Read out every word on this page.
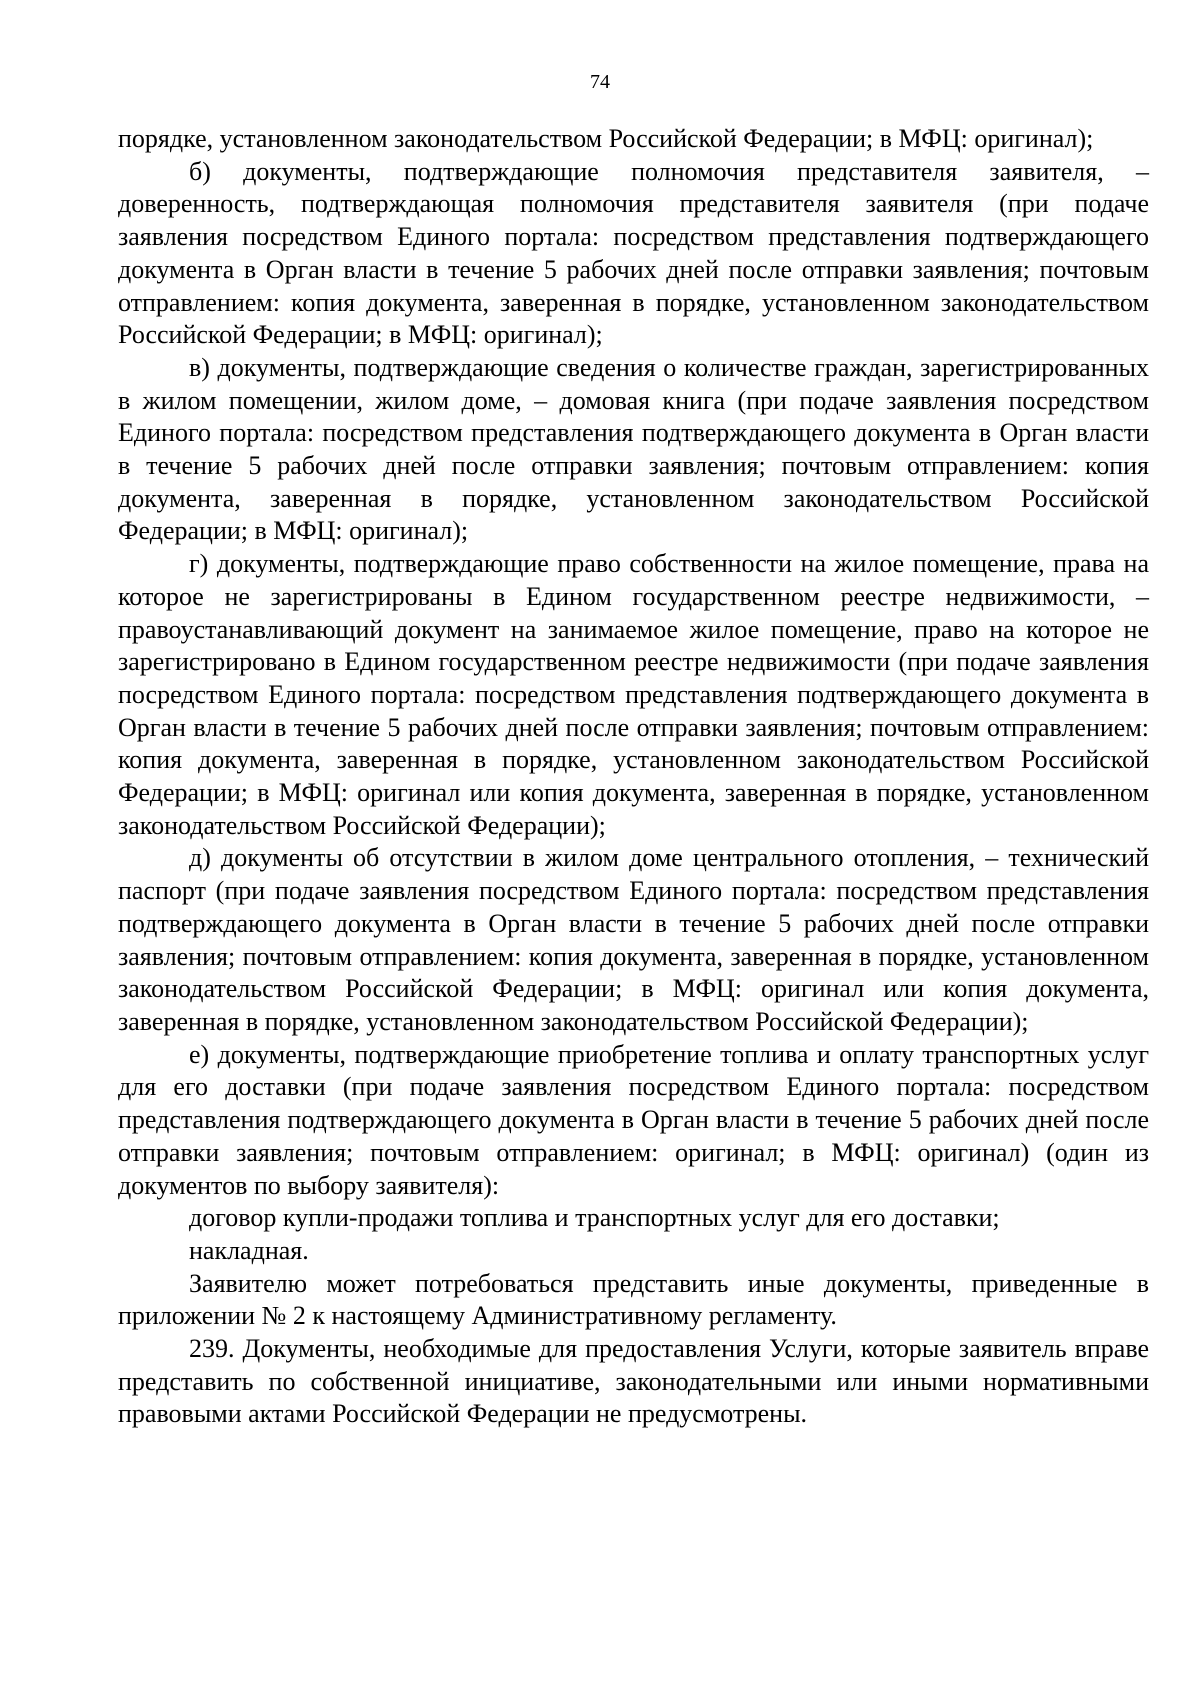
74

порядке, установленном законодательством Российской Федерации; в МФЦ: оригинал);

б) документы, подтверждающие полномочия представителя заявителя, – доверенность, подтверждающая полномочия представителя заявителя (при подаче заявления посредством Единого портала: посредством представления подтверждающего документа в Орган власти в течение 5 рабочих дней после отправки заявления; почтовым отправлением: копия документа, заверенная в порядке, установленном законодательством Российской Федерации; в МФЦ: оригинал);

в) документы, подтверждающие сведения о количестве граждан, зарегистрированных в жилом помещении, жилом доме, – домовая книга (при подаче заявления посредством Единого портала: посредством представления подтверждающего документа в Орган власти в течение 5 рабочих дней после отправки заявления; почтовым отправлением: копия документа, заверенная в порядке, установленном законодательством Российской Федерации; в МФЦ: оригинал);

г) документы, подтверждающие право собственности на жилое помещение, права на которое не зарегистрированы в Едином государственном реестре недвижимости, – правоустанавливающий документ на занимаемое жилое помещение, право на которое не зарегистрировано в Едином государственном реестре недвижимости (при подаче заявления посредством Единого портала: посредством представления подтверждающего документа в Орган власти в течение 5 рабочих дней после отправки заявления; почтовым отправлением: копия документа, заверенная в порядке, установленном законодательством Российской Федерации; в МФЦ: оригинал или копия документа, заверенная в порядке, установленном законодательством Российской Федерации);

д) документы об отсутствии в жилом доме центрального отопления, – технический паспорт (при подаче заявления посредством Единого портала: посредством представления подтверждающего документа в Орган власти в течение 5 рабочих дней после отправки заявления; почтовым отправлением: копия документа, заверенная в порядке, установленном законодательством Российской Федерации; в МФЦ: оригинал или копия документа, заверенная в порядке, установленном законодательством Российской Федерации);

е) документы, подтверждающие приобретение топлива и оплату транспортных услуг для его доставки (при подаче заявления посредством Единого портала: посредством представления подтверждающего документа в Орган власти в течение 5 рабочих дней после отправки заявления; почтовым отправлением: оригинал; в МФЦ: оригинал) (один из документов по выбору заявителя):

договор купли-продажи топлива и транспортных услуг для его доставки;

накладная.

Заявителю может потребоваться представить иные документы, приведенные в приложении № 2 к настоящему Административному регламенту.

239. Документы, необходимые для предоставления Услуги, которые заявитель вправе представить по собственной инициативе, законодательными или иными нормативными правовыми актами Российской Федерации не предусмотрены.
